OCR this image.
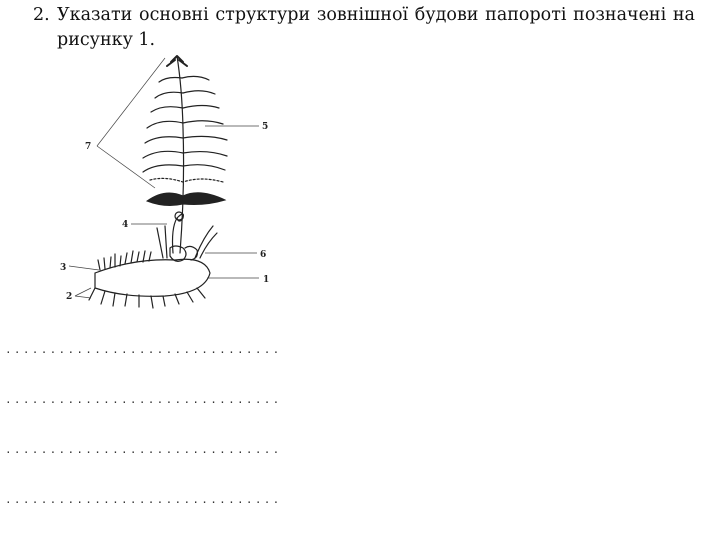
2. Указати основні структури зовнішної будови папороті позначені на рисунку 1.
1
2
3
4
5
6
7
...............................
...............................
...............................
...............................
